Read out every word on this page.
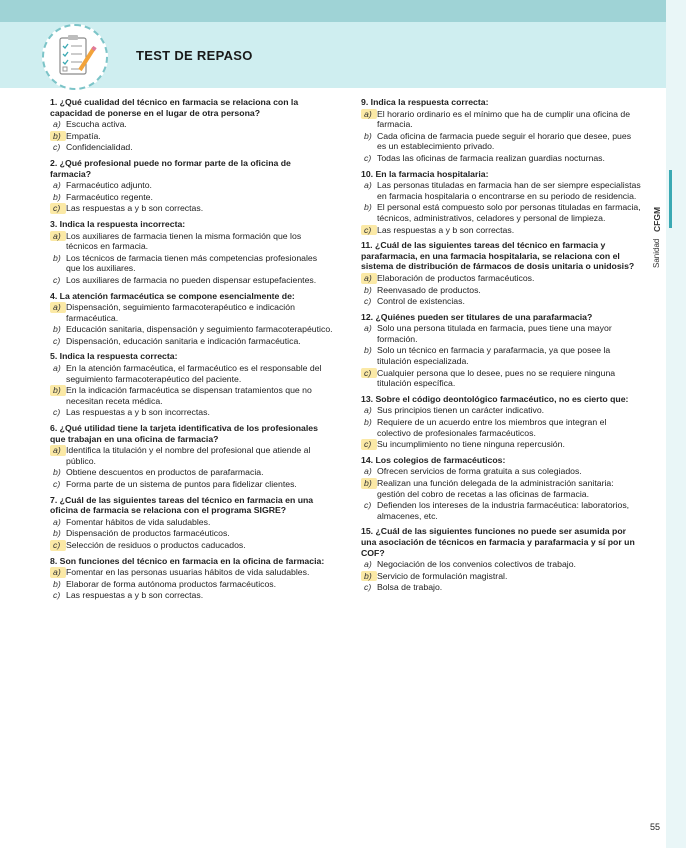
TEST DE REPASO
1. ¿Qué cualidad del técnico en farmacia se relaciona con la capacidad de ponerse en el lugar de otra persona?
a) Escucha activa.
b) Empatía.
c) Confidencialidad.
2. ¿Qué profesional puede no formar parte de la oficina de farmacia?
a) Farmacéutico adjunto.
b) Farmacéutico regente.
c) Las respuestas a y b son correctas.
3. Indica la respuesta incorrecta:
a) Los auxiliares de farmacia tienen la misma formación que los técnicos en farmacia.
b) Los técnicos de farmacia tienen más competencias profesionales que los auxiliares.
c) Los auxiliares de farmacia no pueden dispensar estupefacientes.
4. La atención farmacéutica se compone esencialmente de:
a) Dispensación, seguimiento farmacoterapéutico e indicación farmacéutica.
b) Educación sanitaria, dispensación y seguimiento farmacoterapéutico.
c) Dispensación, educación sanitaria e indicación farmacéutica.
5. Indica la respuesta correcta:
a) En la atención farmacéutica, el farmacéutico es el responsable del seguimiento farmacoterapéutico del paciente.
b) En la indicación farmacéutica se dispensan tratamientos que no necesitan receta médica.
c) Las respuestas a y b son incorrectas.
6. ¿Qué utilidad tiene la tarjeta identificativa de los profesionales que trabajan en una oficina de farmacia?
a) Identifica la titulación y el nombre del profesional que atiende al público.
b) Obtiene descuentos en productos de parafarmacia.
c) Forma parte de un sistema de puntos para fidelizar clientes.
7. ¿Cuál de las siguientes tareas del técnico en farmacia en una oficina de farmacia se relaciona con el programa SIGRE?
a) Fomentar hábitos de vida saludables.
b) Dispensación de productos farmacéuticos.
c) Selección de residuos o productos caducados.
8. Son funciones del técnico en farmacia en la oficina de farmacia:
a) Fomentar en las personas usuarias hábitos de vida saludables.
b) Elaborar de forma autónoma productos farmacéuticos.
c) Las respuestas a y b son correctas.
9. Indica la respuesta correcta:
a) El horario ordinario es el mínimo que ha de cumplir una oficina de farmacia.
b) Cada oficina de farmacia puede seguir el horario que desee, pues es un establecimiento privado.
c) Todas las oficinas de farmacia realizan guardias nocturnas.
10. En la farmacia hospitalaria:
a) Las personas tituladas en farmacia han de ser siempre especialistas en farmacia hospitalaria o encontrarse en su periodo de residencia.
b) El personal está compuesto solo por personas tituladas en farmacia, técnicos, administrativos, celadores y personal de limpieza.
c) Las respuestas a y b son correctas.
11. ¿Cuál de las siguientes tareas del técnico en farmacia y parafarmacia, en una farmacia hospitalaria, se relaciona con el sistema de distribución de fármacos de dosis unitaria o unidosis?
a) Elaboración de productos farmacéuticos.
b) Reenvasado de productos.
c) Control de existencias.
12. ¿Quiénes pueden ser titulares de una parafarmacia?
a) Solo una persona titulada en farmacia, pues tiene una mayor formación.
b) Solo un técnico en farmacia y parafarmacia, ya que posee la titulación especializada.
c) Cualquier persona que lo desee, pues no se requiere ninguna titulación específica.
13. Sobre el código deontológico farmacéutico, no es cierto que:
a) Sus principios tienen un carácter indicativo.
b) Requiere de un acuerdo entre los miembros que integran el colectivo de profesionales farmacéuticos.
c) Su incumplimiento no tiene ninguna repercusión.
14. Los colegios de farmacéuticos:
a) Ofrecen servicios de forma gratuita a sus colegiados.
b) Realizan una función delegada de la administración sanitaria: gestión del cobro de recetas a las oficinas de farmacia.
c) Defienden los intereses de la industria farmacéutica: laboratorios, almacenes, etc.
15. ¿Cuál de las siguientes funciones no puede ser asumida por una asociación de técnicos en farmacia y parafarmacia y sí por un COF?
a) Negociación de los convenios colectivos de trabajo.
b) Servicio de formulación magistral.
c) Bolsa de trabajo.
CFGM
Sanidad
55
